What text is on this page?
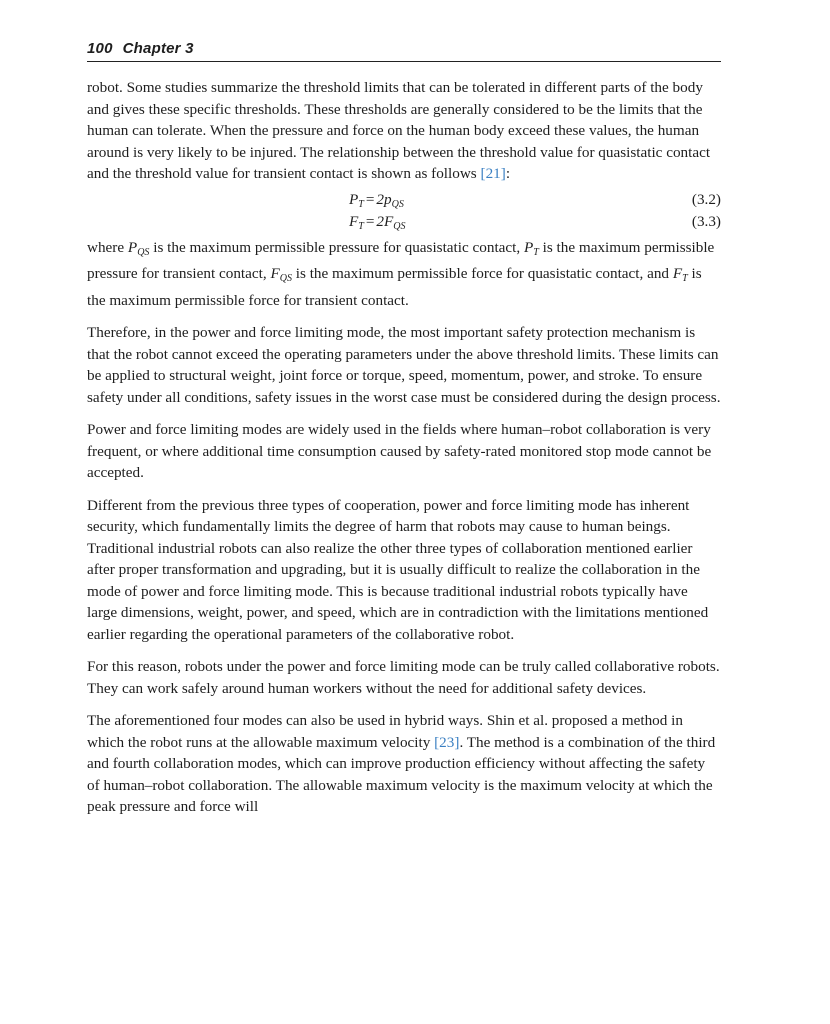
100 Chapter 3

robot. Some studies summarize the threshold limits that can be tolerated in different parts of the body and gives these specific thresholds. These thresholds are generally considered to be the limits that the human can tolerate. When the pressure and force on the human body exceed these values, the human around is very likely to be injured. The relationship between the threshold value for quasistatic contact and the threshold value for transient contact is shown as follows [21]:

$P_T = 2p_{QS}$	(3.2)
$F_T = 2F_{QS}$	(3.3)

where $P_{QS}$ is the maximum permissible pressure for quasistatic contact, $P_T$ is the maximum permissible pressure for transient contact, $F_{QS}$ is the maximum permissible force for quasistatic contact, and $F_T$ is the maximum permissible force for transient contact.

Therefore, in the power and force limiting mode, the most important safety protection mechanism is that the robot cannot exceed the operating parameters under the above threshold limits. These limits can be applied to structural weight, joint force or torque, speed, momentum, power, and stroke. To ensure safety under all conditions, safety issues in the worst case must be considered during the design process.

Power and force limiting modes are widely used in the fields where human–robot collaboration is very frequent, or where additional time consumption caused by safety-rated monitored stop mode cannot be accepted.

Different from the previous three types of cooperation, power and force limiting mode has inherent security, which fundamentally limits the degree of harm that robots may cause to human beings. Traditional industrial robots can also realize the other three types of collaboration mentioned earlier after proper transformation and upgrading, but it is usually difficult to realize the collaboration in the mode of power and force limiting mode. This is because traditional industrial robots typically have large dimensions, weight, power, and speed, which are in contradiction with the limitations mentioned earlier regarding the operational parameters of the collaborative robot.

For this reason, robots under the power and force limiting mode can be truly called collaborative robots. They can work safely around human workers without the need for additional safety devices.

The aforementioned four modes can also be used in hybrid ways. Shin et al. proposed a method in which the robot runs at the allowable maximum velocity [23]. The method is a combination of the third and fourth collaboration modes, which can improve production efficiency without affecting the safety of human–robot collaboration. The allowable maximum velocity is the maximum velocity at which the peak pressure and force will
